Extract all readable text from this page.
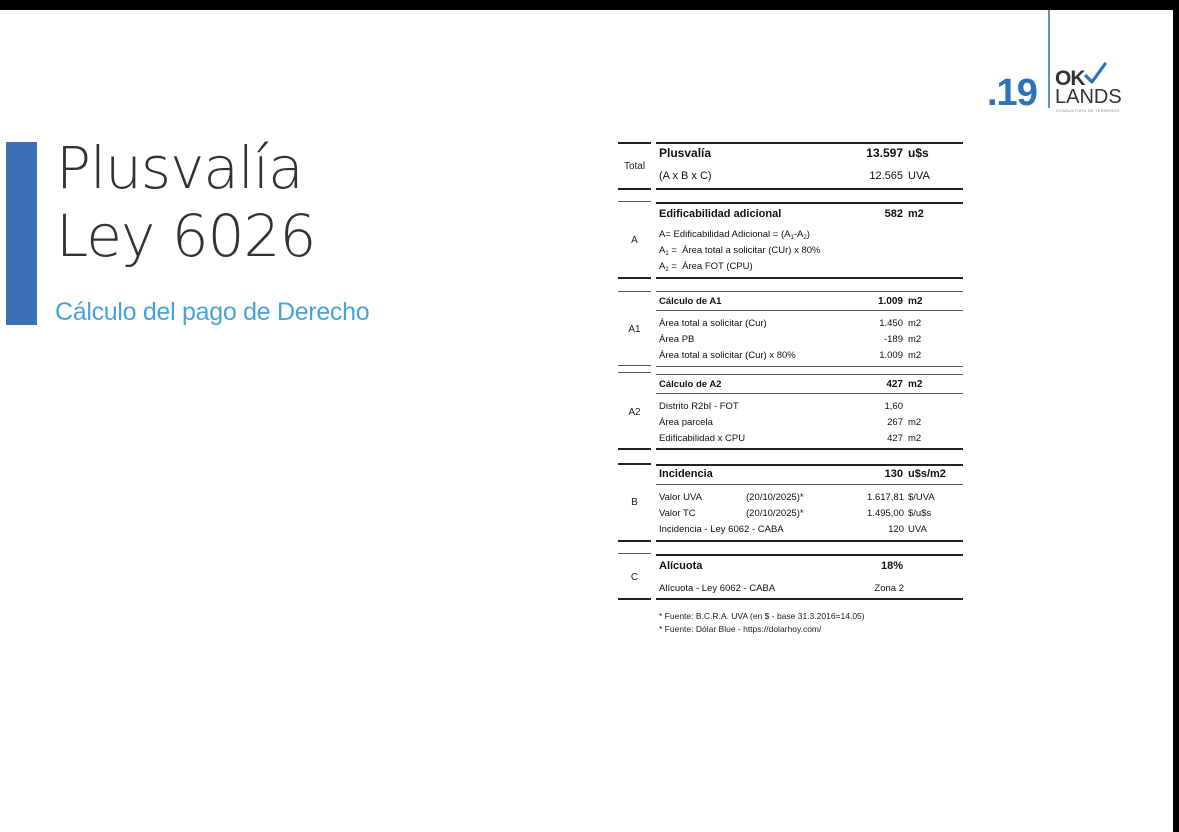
Plusvalía
Ley 6026
Cálculo del pago de Derecho
.19 OK
LANDS
CONSULTORA DE TERRENOS
Total
Plusvalía	13.597 u$s
(A x B x C)	12.565 UVA
A
Edificabilidad adicional	582 m2
A= Edificabilidad Adicional = $(A_1-A_2)$
$A_1$ =  Área total a solicitar (CUr) x 80%
$A_2$ =  Área FOT (CPU)
A1
Cálculo de A1	1.009 m2
Área total a solicitar (Cur)	1.450 m2
Área PB	-189 m2
Área total a solicitar (Cur) x 80%	1.009 m2
A2
Cálculo de A2	427 m2
Distrito R2bI - FOT	1,60
Área parcela	267 m2
Edificabilidad x CPU	427 m2
B
Incidencia	130 u$s/m2
Valor UVA	(20/10/2025)*	1.617,81 $/UVA
Valor TC	(20/10/2025)*	1.495,00 $/u$s
Incidencia - Ley 6062 - CABA	120 UVA
C
Alícuota	18%
Alícuota - Ley 6062 - CABA	Zona 2
* Fuente: B.C.R.A. UVA (en $ - base 31.3.2016=14.05)
* Fuente: Dólar Blue - https://dolarhoy.com/
